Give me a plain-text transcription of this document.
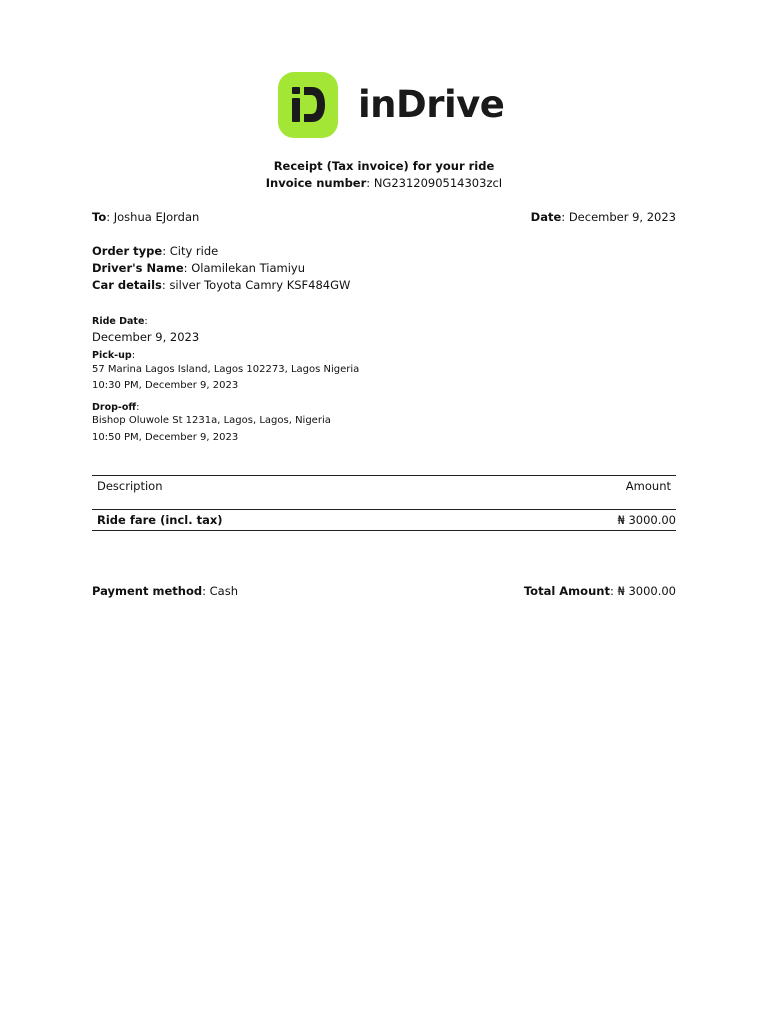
inDrive
Receipt (Tax invoice) for your ride
Invoice number: NG2312090514303zcI
To: Joshua EJordan	Date: December 9, 2023
Order type: City ride
Driver's Name: Olamilekan Tiamiyu
Car details: silver Toyota Camry KSF484GW
Ride Date:
December 9, 2023
Pick-up:
57 Marina Lagos Island, Lagos 102273, Lagos Nigeria
10:30 PM, December 9, 2023
Drop-off:
Bishop Oluwole St 1231a, Lagos, Lagos, Nigeria
10:50 PM, December 9, 2023
Description	Amount
Ride fare (incl. tax)	₦ 3000.00
Payment method: Cash	Total Amount: ₦ 3000.00
